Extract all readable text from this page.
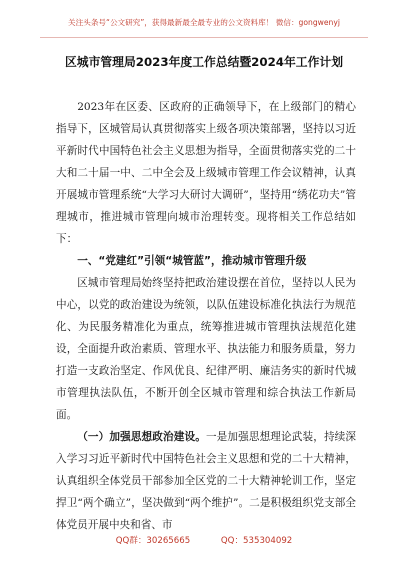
关注头条号“公文研究”，获得最新最全最专业的公文资料库！ 微信：gongwenyj
区城市管理局2023年度工作总结暨2024年工作计划

2023年在区委、区政府的正确领导下，在上级部门的精心指导下，区城管局认真贯彻落实上级各项决策部署，坚持以习近平新时代中国特色社会主义思想为指导，全面贯彻落实党的二十大和二十届一中、二中全会及上级城市管理工作会议精神，认真开展城市管理系统“大学习大研讨大调研”，坚持用“绣花功夫”管理城市，推进城市管理向城市治理转变。现将相关工作总结如下：

一、“党建红”引领“城管蓝”，推动城市管理升级

区城市管理局始终坚持把政治建设摆在首位，坚持以人民为中心，以党的政治建设为统领，以队伍建设标准化执法行为规范化、为民服务精准化为重点，统筹推进城市管理执法规范化建设，全面提升政治素质、管理水平、执法能力和服务质量，努力打造一支政治坚定、作风优良、纪律严明、廉洁务实的新时代城市管理执法队伍，不断开创全区城市管理和综合执法工作新局面。

（一）加强思想政治建设。一是加强思想理论武装，持续深入学习习近平新时代中国特色社会主义思想和党的二十大精神，认真组织全体党员干部参加全区党的二十大精神轮训工作，坚定捍卫“两个确立”，坚决做到“两个维护”。二是积极组织党支部全体党员开展中央和省、市

QQ群：30265665	QQ：535304092
